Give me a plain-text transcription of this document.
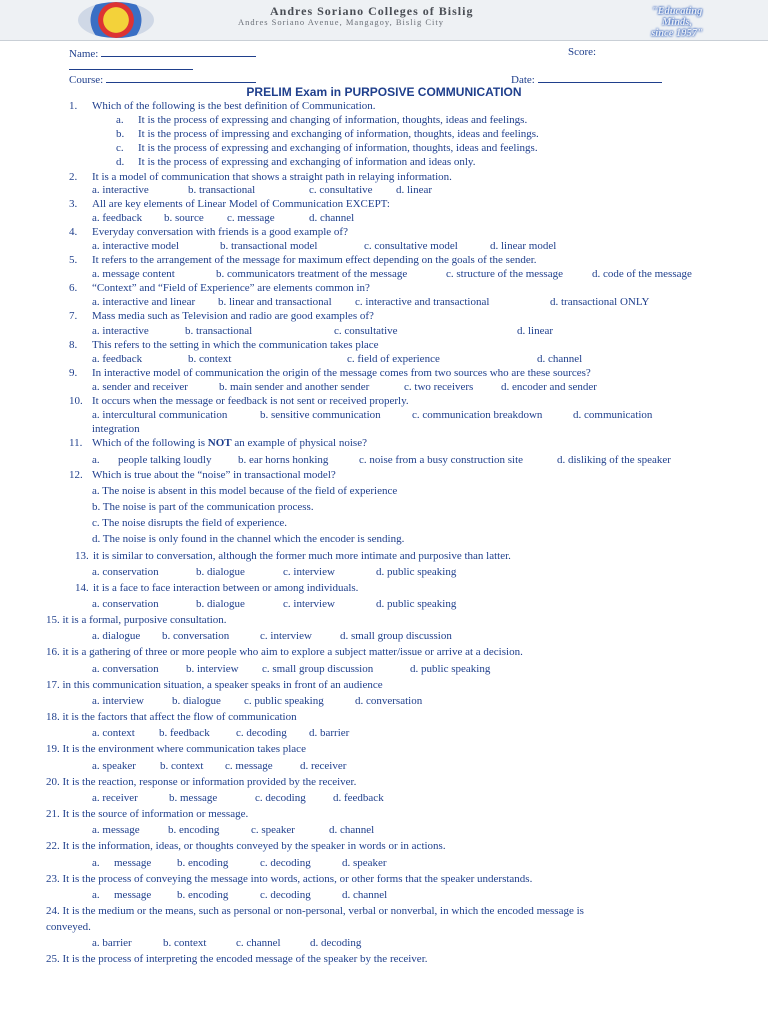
Andres Soriano Colleges of Bislig
Andres Soriano Avenue, Mangagoy, Bislig City
"Educating
Minds,
since 1957"
Name:	Score:
Course:	Date:
PRELIM Exam in PURPOSIVE COMMUNICATION
1. Which of the following is the best definition of Communication.
a. It is the process of expressing and changing of information, thoughts, ideas and feelings.
b. It is the process of impressing and exchanging of information, thoughts, ideas and feelings.
c. It is the process of expressing and exchanging of information, thoughts, ideas and feelings.
d. It is the process of expressing and exchanging of information and ideas only.
2. It is a model of communication that shows a straight path in relaying information.
a. interactive	b. transactional	c. consultative d. linear
3. All are key elements of Linear Model of Communication EXCEPT:
a. feedback b. source c. message	d. channel
4. Everyday conversation with friends is a good example of?
a. interactive model	b. transactional model	c. consultative model	d. linear model
5. It refers to the arrangement of the message for maximum effect depending on the goals of the sender.
a. message content	b. communicators treatment of the message	c. structure of the message	d. code of the message
6. “Context” and “Field of Experience” are elements common in?
a. interactive and linear b. linear and transactional c. interactive and transactional	d. transactional ONLY
7. Mass media such as Television and radio are good examples of?
a. interactive	b. transactional	c. consultative	d. linear
8. This refers to the setting in which the communication takes place
a. feedback	b. context	c. field of experience	d. channel
9. In interactive model of communication the origin of the message comes from two sources who are these sources?
a. sender and receiver	b. main sender and another sender	c. two receivers	d. encoder and sender
10. It occurs when the message or feedback is not sent or received properly.
a. intercultural communication	b. sensitive communication	c. communication breakdown	d. communication
integration
11. Which of the following is NOT an example of physical noise?
a. people talking loudly b. ear horns honking	c. noise from a busy construction site	d. disliking of the speaker
12. Which is true about the “noise” in transactional model?
a. The noise is absent in this model because of the field of experience
b. The noise is part of the communication process.
c. The noise disrupts the field of experience.
d. The noise is only found in the channel which the encoder is sending.
13. it is similar to conversation, although the former much more intimate and purposive than latter.
a. conservation	b. dialogue	c. interview	d. public speaking
14. it is a face to face interaction between or among individuals.
a. conservation	b. dialogue	c. interview	d. public speaking
15. it is a formal, purposive consultation.
a. dialogue b. conversation	c. interview	d. small group discussion
16. it is a gathering of three or more people who aim to explore a subject matter/issue or arrive at a decision.
a. conversation b. interview c. small group discussion	d. public speaking
17. in this communication situation, a speaker speaks in front of an audience
a. interview	b. dialogue c. public speaking	d. conversation
18. it is the factors that affect the flow of communication
a. context b. feedback c. decoding d. barrier
19. It is the environment where communication takes place
a. speaker b. context c. message d. receiver
20. It is the reaction, response or information provided by the receiver.
a. receiver	b. message	c. decoding d. feedback
21. It is the source of information or message.
a. message	b. encoding	c. speaker	d. channel
22. It is the information, ideas, or thoughts conveyed by the speaker in words or in actions.
a. message b. encoding	c. decoding	d. speaker
23. It is the process of conveying the message into words, actions, or other forms that the speaker understands.
a. message b. encoding	c. decoding	d. channel
24. It is the medium or the means, such as personal or non-personal, verbal or nonverbal, in which the encoded message is
conveyed.
a. barrier	b. context	c. channel	d. decoding
25. It is the process of interpreting the encoded message of the speaker by the receiver.
